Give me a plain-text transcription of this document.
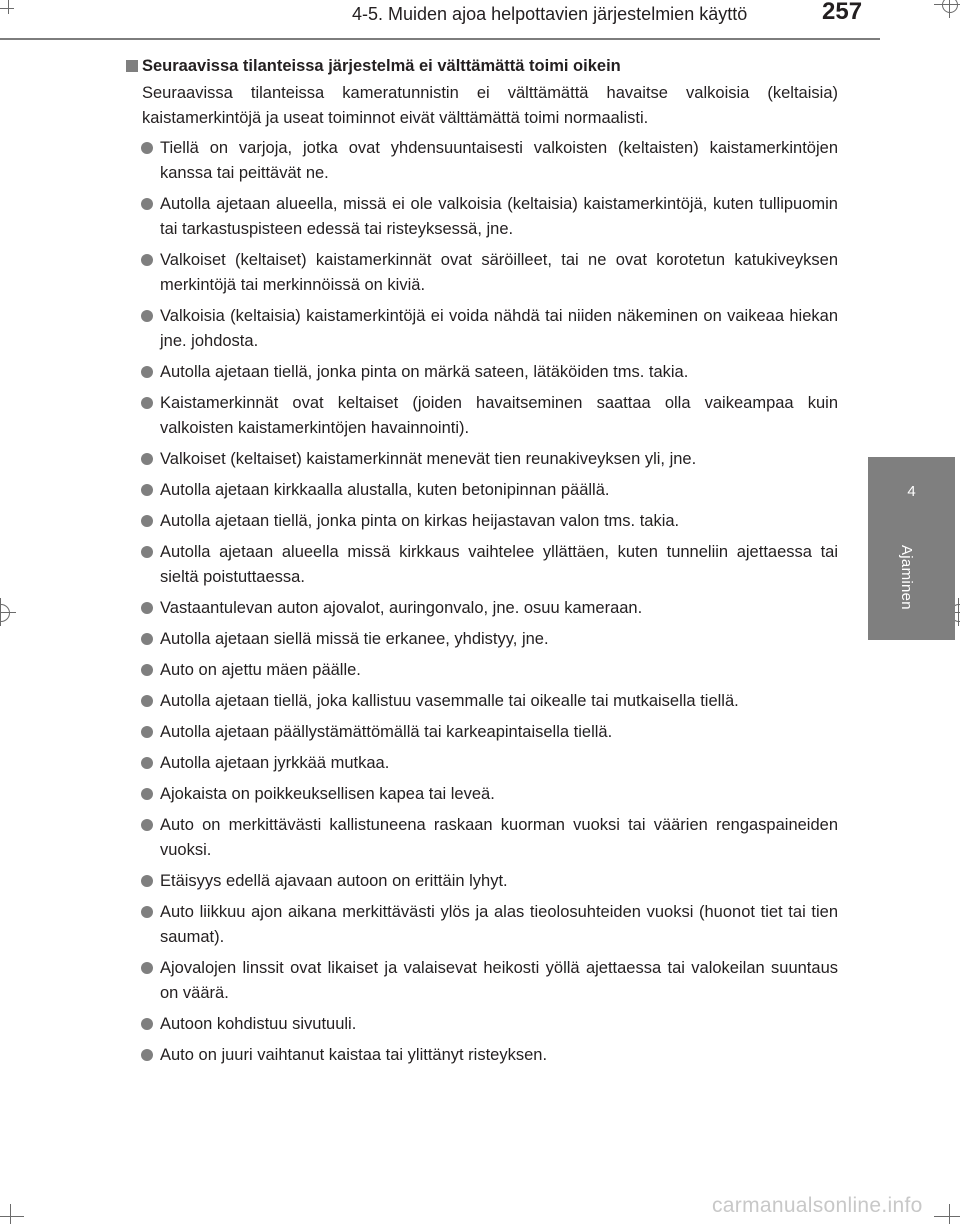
4-5. Muiden ajoa helpottavien järjestelmien käyttö	257
4
Ajaminen
Seuraavissa tilanteissa järjestelmä ei välttämättä toimi oikein
Seuraavissa tilanteissa kameratunnistin ei välttämättä havaitse valkoisia (keltaisia) kaistamerkintöjä ja useat toiminnot eivät välttämättä toimi normaalisti.
Tiellä on varjoja, jotka ovat yhdensuuntaisesti valkoisten (keltaisten) kaistamerkintöjen kanssa tai peittävät ne.
Autolla ajetaan alueella, missä ei ole valkoisia (keltaisia) kaistamerkintöjä, kuten tullipuomin tai tarkastuspisteen edessä tai risteyksessä, jne.
Valkoiset (keltaiset) kaistamerkinnät ovat säröilleet, tai ne ovat korotetun katukiveyksen merkintöjä tai merkinnöissä on kiviä.
Valkoisia (keltaisia) kaistamerkintöjä ei voida nähdä tai niiden näkeminen on vaikeaa hiekan jne. johdosta.
Autolla ajetaan tiellä, jonka pinta on märkä sateen, lätäköiden tms. takia.
Kaistamerkinnät ovat keltaiset (joiden havaitseminen saattaa olla vaikeampaa kuin valkoisten kaistamerkintöjen havainnointi).
Valkoiset (keltaiset) kaistamerkinnät menevät tien reunakiveyksen yli, jne.
Autolla ajetaan kirkkaalla alustalla, kuten betonipinnan päällä.
Autolla ajetaan tiellä, jonka pinta on kirkas heijastavan valon tms. takia.
Autolla ajetaan alueella missä kirkkaus vaihtelee yllättäen, kuten tunneliin ajettaessa tai sieltä poistuttaessa.
Vastaantulevan auton ajovalot, auringonvalo, jne. osuu kameraan.
Autolla ajetaan siellä missä tie erkanee, yhdistyy, jne.
Auto on ajettu mäen päälle.
Autolla ajetaan tiellä, joka kallistuu vasemmalle tai oikealle tai mutkaisella tiellä.
Autolla ajetaan päällystämättömällä tai karkeapintaisella tiellä.
Autolla ajetaan jyrkkää mutkaa.
Ajokaista on poikkeuksellisen kapea tai leveä.
Auto on merkittävästi kallistuneena raskaan kuorman vuoksi tai väärien rengaspaineiden vuoksi.
Etäisyys edellä ajavaan autoon on erittäin lyhyt.
Auto liikkuu ajon aikana merkittävästi ylös ja alas tieolosuhteiden vuoksi (huonot tiet tai tien saumat).
Ajovalojen linssit ovat likaiset ja valaisevat heikosti yöllä ajettaessa tai valokeilan suuntaus on väärä.
Autoon kohdistuu sivutuuli.
Auto on juuri vaihtanut kaistaa tai ylittänyt risteyksen.
carmanualsonline.info
